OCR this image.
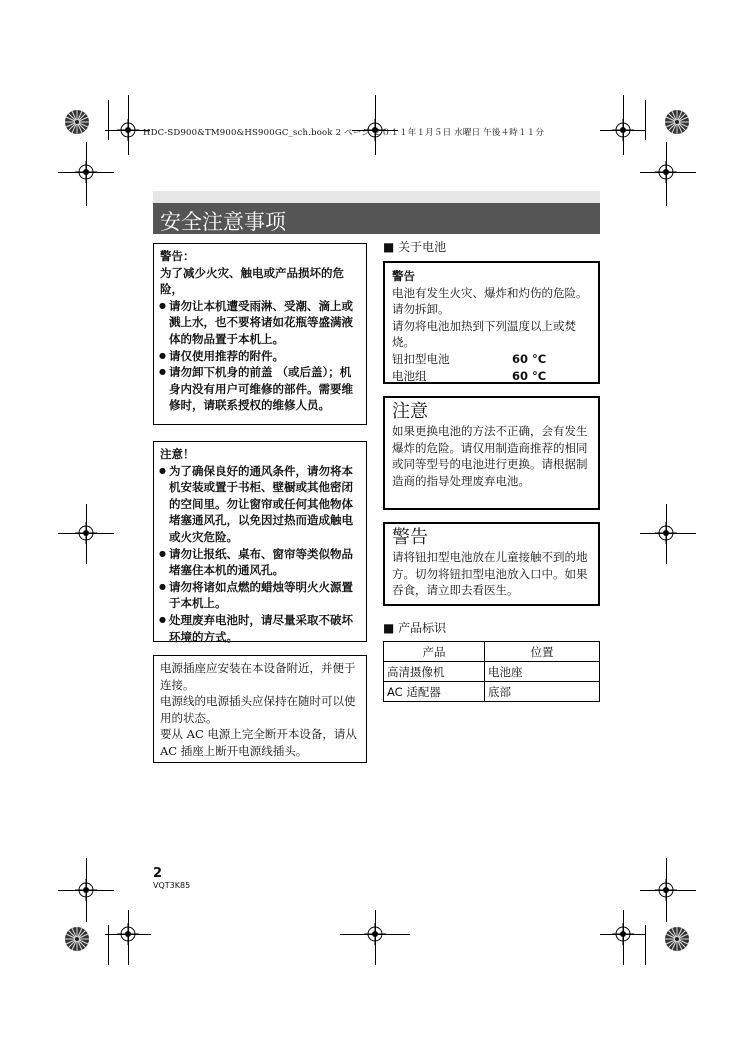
HDC-SD900&TM900&HS900GC_sch.book 2 ページ ２０１１年１月５日 水曜日 午後４時１１分
安全注意事项
警告：
为了减少火灾、触电或产品损坏的危险，
● 请勿让本机遭受雨淋、受潮、滴上或溅上水，也不要将诸如花瓶等盛满液体的物品置于本机上。
● 请仅使用推荐的附件。
● 请勿卸下机身的前盖 （或后盖）；机身内没有用户可维修的部件。需要维修时，请联系授权的维修人员。
注意！
● 为了确保良好的通风条件，请勿将本机安装或置于书柜、壁橱或其他密闭的空间里。勿让窗帘或任何其他物体堵塞通风孔，以免因过热而造成触电或火灾危险。
● 请勿让报纸、桌布、窗帘等类似物品堵塞住本机的通风孔。
● 请勿将诸如点燃的蜡烛等明火火源置于本机上。
● 处理废弃电池时，请尽量采取不破坏环境的方式。
电源插座应安装在本设备附近，并便于连接。
电源线的电源插头应保持在随时可以使用的状态。
要从 AC 电源上完全断开本设备，请从 AC 插座上断开电源线插头。
■ 关于电池
警告
电池有发生火灾、爆炸和灼伤的危险。请勿拆卸。
请勿将电池加热到下列温度以上或焚烧。
钮扣型电池	60 °C
电池组	60 °C
注意
如果更换电池的方法不正确，会有发生爆炸的危险。请仅用制造商推荐的相同或同等型号的电池进行更换。请根据制造商的指导处理废弃电池。
警告
请将钮扣型电池放在儿童接触不到的地方。切勿将钮扣型电池放入口中。如果吞食，请立即去看医生。
■ 产品标识
产品	位置
高清摄像机	电池座
AC 适配器	底部
2
VQT3K85
